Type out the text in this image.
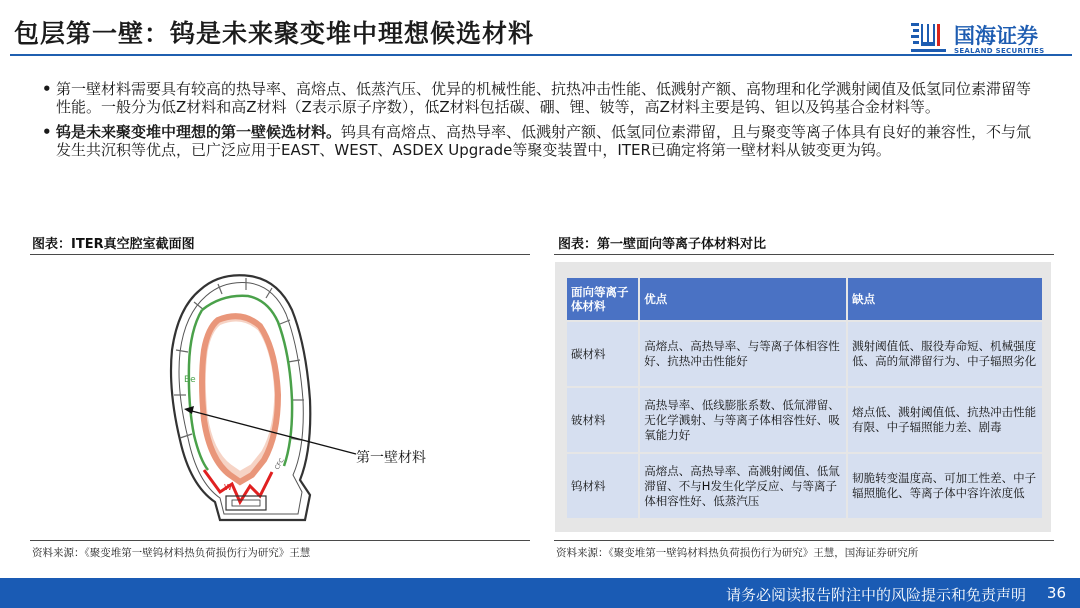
包层第一壁：钨是未来聚变堆中理想候选材料	国海证券
SEALAND SECURITIES
• 第一壁材料需要具有较高的热导率、高熔点、低蒸汽压、优异的机械性能、抗热冲击性能、低溅射产额、高物理和化学溅射阈值及低氢同位素滞留等性能。一般分为低Z材料和高Z材料（Z表示原子序数），低Z材料包括碳、硼、锂、铍等，高Z材料主要是钨、钽以及钨基合金材料等。
• 钨是未来聚变堆中理想的第一壁候选材料。钨具有高熔点、高热导率、低溅射产额、低氢同位素滞留，且与聚变等离子体具有良好的兼容性，不与氚发生共沉积等优点，已广泛应用于EAST、WEST、ASDEX Upgrade等聚变装置中，ITER已确定将第一壁材料从铍变更为钨。
图表：ITER真空腔室截面图
Be
W
CFC	第一壁材料
资料来源：《聚变堆第一壁钨材料热负荷损伤行为研究》王慧
图表：第一壁面向等离子体材料对比
面向等离子体材料	优点	缺点
碳材料	高熔点、高热导率、与等离子体相容性好、抗热冲击性能好	溅射阈值低、服役寿命短、机械强度低、高的氚滞留行为、中子辐照劣化
铍材料	高热导率、低线膨胀系数、低氚滞留、无化学溅射、与等离子体相容性好、吸氧能力好	熔点低、溅射阈值低、抗热冲击性能有限、中子辐照能力差、剧毒
钨材料	高熔点、高热导率、高溅射阈值、低氚滞留、不与H发生化学反应、与等离子体相容性好、低蒸汽压	韧脆转变温度高、可加工性差、中子辐照脆化、等离子体中容许浓度低
资料来源：《聚变堆第一壁钨材料热负荷损伤行为研究》王慧，国海证券研究所
请务必阅读报告附注中的风险提示和免责声明 36
